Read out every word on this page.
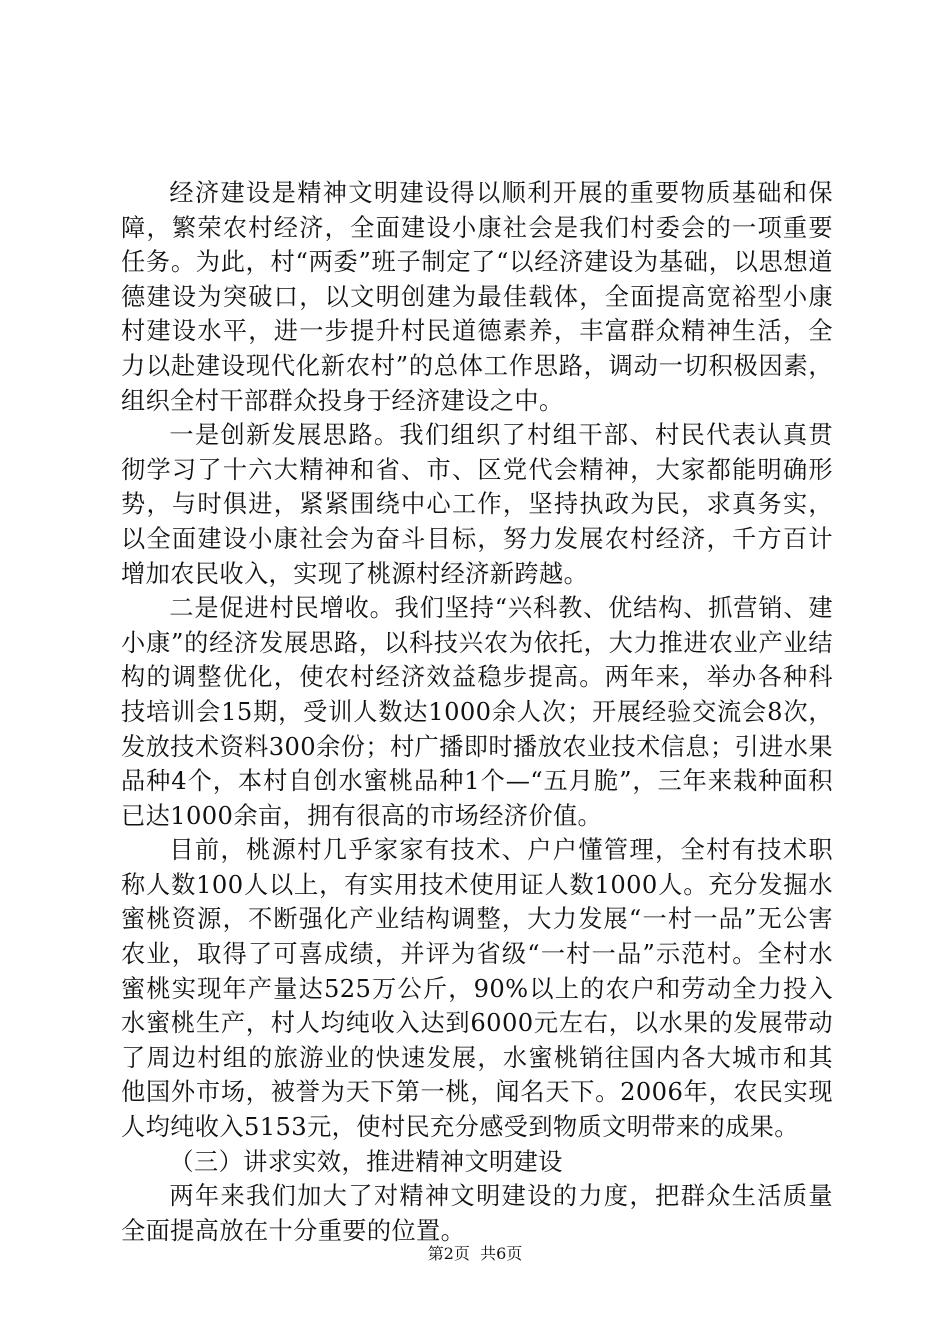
经济建设是精神文明建设得以顺利开展的重要物质基础和保障，繁荣农村经济，全面建设小康社会是我们村委会的一项重要任务。为此，村“两委”班子制定了“以经济建设为基础，以思想道德建设为突破口，以文明创建为最佳载体，全面提高宽裕型小康村建设水平，进一步提升村民道德素养，丰富群众精神生活，全力以赴建设现代化新农村”的总体工作思路，调动一切积极因素，组织全村干部群众投身于经济建设之中。

一是创新发展思路。我们组织了村组干部、村民代表认真贯彻学习了十六大精神和省、市、区党代会精神，大家都能明确形势，与时俱进，紧紧围绕中心工作，坚持执政为民，求真务实，以全面建设小康社会为奋斗目标，努力发展农村经济，千方百计增加农民收入，实现了桃源村经济新跨越。

二是促进村民增收。我们坚持“兴科教、优结构、抓营销、建小康”的经济发展思路，以科技兴农为依托，大力推进农业产业结构的调整优化，使农村经济效益稳步提高。两年来，举办各种科技培训会15期，受训人数达1000余人次；开展经验交流会8次，发放技术资料300余份；村广播即时播放农业技术信息；引进水果品种4个，本村自创水蜜桃品种1个—“五月脆”，三年来栽种面积已达1000余亩，拥有很高的市场经济价值。

目前，桃源村几乎家家有技术、户户懂管理，全村有技术职称人数100人以上，有实用技术使用证人数1000人。充分发掘水蜜桃资源，不断强化产业结构调整，大力发展“一村一品”无公害农业，取得了可喜成绩，并评为省级“一村一品”示范村。全村水蜜桃实现年产量达525万公斤，90%以上的农户和劳动全力投入水蜜桃生产，村人均纯收入达到6000元左右，以水果的发展带动了周边村组的旅游业的快速发展，水蜜桃销往国内各大城市和其他国外市场，被誉为天下第一桃，闻名天下。2006年，农民实现人均纯收入5153元，使村民充分感受到物质文明带来的成果。

（三）讲求实效，推进精神文明建设

两年来我们加大了对精神文明建设的力度，把群众生活质量全面提高放在十分重要的位置。

第2页  共6页
